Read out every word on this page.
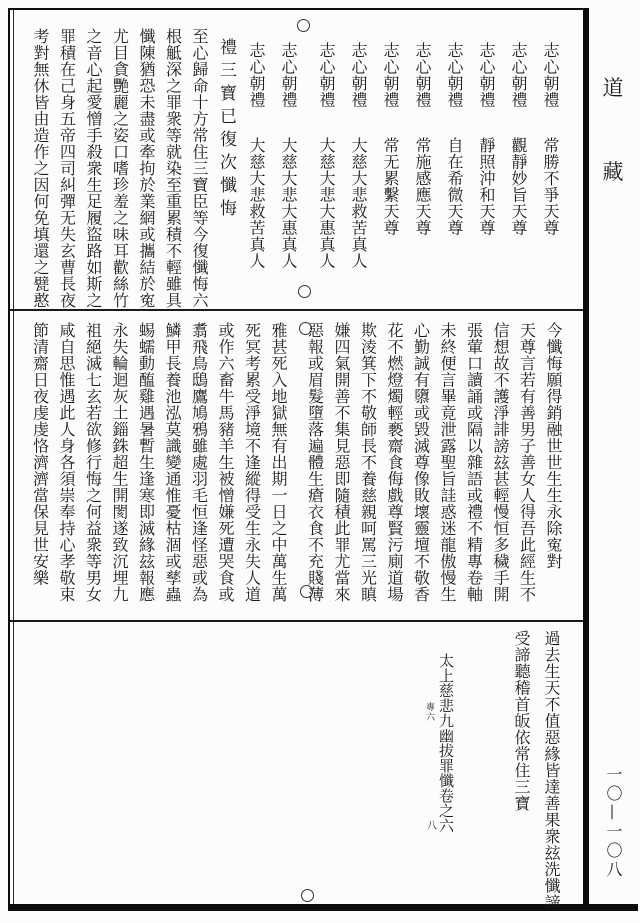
道
藏
一〇—一〇八
志心朝禮常勝不爭天尊
志心朝禮觀靜妙旨天尊
志心朝禮靜照沖和天尊
志心朝禮自在希微天尊
志心朝禮常施感應天尊
志心朝禮常无累繫天尊
志心朝禮大慈大悲救苦真人
志心朝禮大慈大悲大惠真人
志心朝禮大慈大悲大惠真人
志心朝禮大慈大悲救苦真人
禮三寶已復次懺悔
至心歸命十方常住三寶臣等今復懺悔六
根觝深之罪衆等就染至重累積不輕雖具
懺陳猶恐未盡或牽拘於業網或攜結於寃
尤目貪艷麗之姿口嗜珍羞之味耳歡絲竹
之音心起愛憎手殺衆生足履盜路如斯之
罪積在己身五帝四司糾彈无失玄曹長夜
考對無休皆由造作之因何免填還之甓憨
今懺悔願得銷融世世生生永除寃對
天尊言若有善男子善女人得吾此經生不
信想故不護淨誹謗玆甚輕慢恒多穢手開
張葷口讀誦或隔以雜語或禮不精專卷軸
未終便言畢竟泄露聖旨詿惑迷龍傲慢生
心勤誠有隳或毀滅尊像敗壞靈壇不敬香
花不燃燈燭輕褻齋食侮戲尊賢污廁道場
欺淩箕下不敬師長不養慈親呵罵三光瞋
嫌四氣開善不集見惡即隨積此罪尤當來
惡報或眉髮墮落遍體生瘡衣食不充賤薄
雅甚死入地獄無有出期一日之中萬生萬
死冥考累受淨境不逢縱得受生永失人道
或作六畜牛馬豬羊生被憎嫌死遭哭食或
翥飛鳥鴟鷹鳩鴉雖處羽毛恒逢怪惡或為
鱗甲長養池泓莫識變通惟憂枯涸或孳蟲
蜴蠕動醢雞遇暑暫生逢寒即滅緣玆報應
永失輪迴灰土錙銖超生開閡遂致沉埋九
祖絕滅七玄若欲修行悔之何益衆等男女
咸自思惟遇此人身各須崇奉持心孝敬束
節清齋日夜虔虔恪濟濟當保見世安樂
過去生天不值惡緣皆達善果衆玆洗懺諦
受諦聽稽首皈依常住三寶
太上慈悲九幽拔罪懺卷之六
專六
八
